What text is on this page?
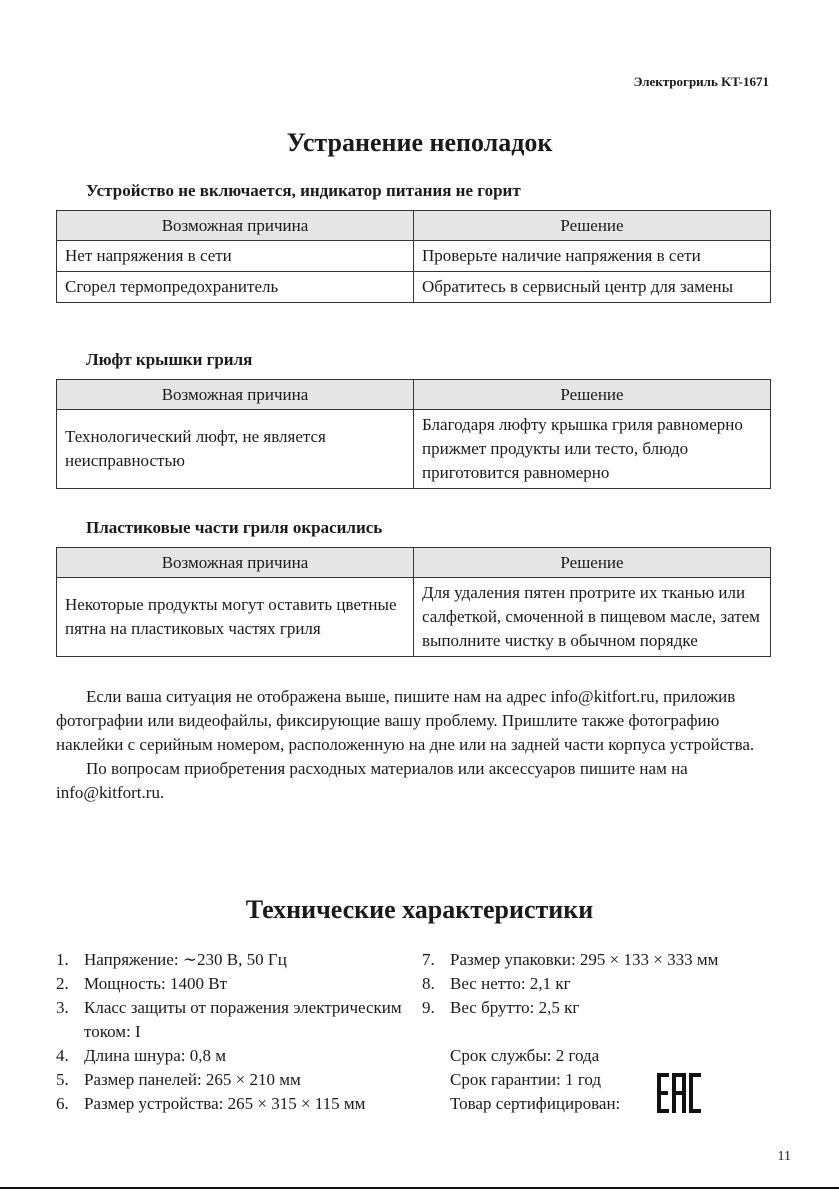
Электрогриль KT-1671
Устранение неполадок
Устройство не включается, индикатор питания не горит
Возможная причина	Решение
Нет напряжения в сети	Проверьте наличие напряжения в сети
Сгорел термопредохранитель	Обратитесь в сервисный центр для замены
Люфт крышки гриля
Возможная причина	Решение
Технологический люфт, не является неисправностью	Благодаря люфту крышка гриля равномерно прижмет продукты или тесто, блюдо приготовится равномерно
Пластиковые части гриля окрасились
Возможная причина	Решение
Некоторые продукты могут оставить цветные пятна на пластиковых частях гриля	Для удаления пятен протрите их тканью или салфеткой, смоченной в пищевом масле, затем выполните чистку в обычном порядке

Если ваша ситуация не отображена выше, пишите нам на адрес info@kitfort.ru, приложив фотографии или видеофайлы, фиксирующие вашу проблему. Пришлите также фотографию наклейки с серийным номером, расположенную на дне или на задней части корпуса устройства.

По вопросам приобретения расходных материалов или аксессуаров пишите нам на info@kitfort.ru.

Технические характеристики
1. Напряжение: ∼230 В, 50 Гц
2. Мощность: 1400 Вт
3. Класс защиты от поражения электрическим током: I
4. Длина шнура: 0,8 м
5. Размер панелей: 265 × 210 мм
6. Размер устройства: 265 × 315 × 115 мм
7. Размер упаковки: 295 × 133 × 333 мм
8. Вес нетто: 2,1 кг
9. Вес брутто: 2,5 кг
Срок службы: 2 года
Срок гарантии: 1 год
Товар сертифицирован:
11
